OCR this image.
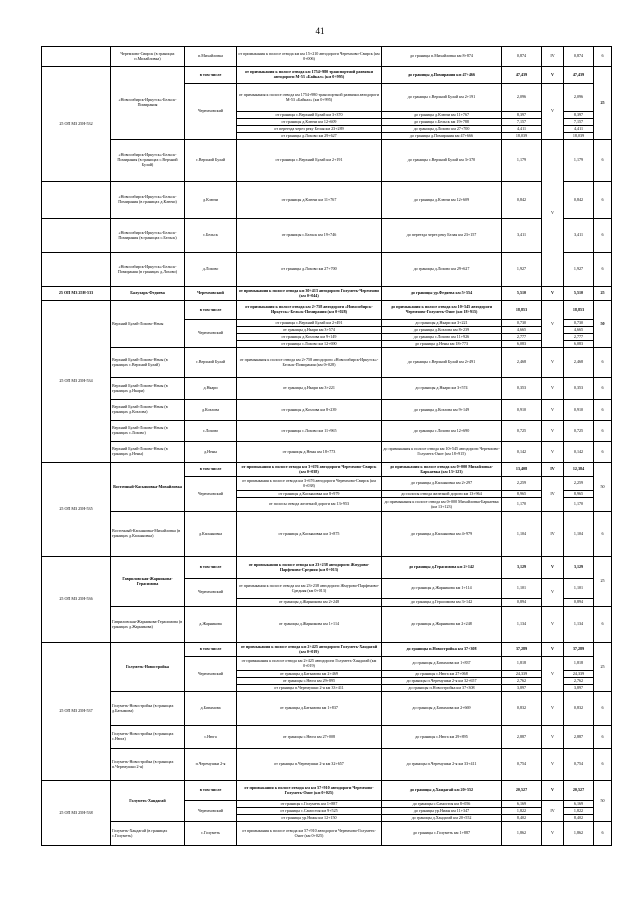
41
	Черемхово-Свирск (в границах п.Михайловка)	п.Михайловка	от примыкания к полосе отвода км км 15+210 автодороги Черемхово-Свирск (км 0+006)	до границы п.Михайловка км 8+874	0,874	IV	0,874	6
25 ОП МЗ 25Н-532	«Новосибирск-Иркутск»-Бельск-Помирания	в том числе	от примыкания к полосе отвода км 1754+980 транспортной развязки автодороги М-53 «Байкал» (км 0+995)	до границы д.Помирания км 47+466	47,439	V	47,439	25
		Черемховский	от примыкания к полосе отвода км 1754+980 транспортной развязки автодороги М-53 «Байкал» (км 0+995)	до границы с.Верхний Булай км 2+191	2,096	V	2,096	
			от границы с.Верхний Булай км 3+370	до границы д.Ключи км 11+767	8,397		8,397	
			от границы д.Ключи км 12+609	до границы с.Бельск км 19+788	7,157		7,157	
			от переезда через реку Белая км 23+289	до границы д.Лохово км 27+700	4,411		4,411	
			от границы д.Лохово км 29+627	до границы д.Помирания км 47+666	18,039		18,039	
	«Новосибирск-Иркутск»-Бельск-Помирания (в границах с.Верхний Булай)	с.Верхний Булай	от границы с.Верхний Булай км 2+191	до границы с.Верхний Булай км 3+370	1,179	V	1,179	6
	«Новосибирск-Иркутск»-Бельск-Помирания (в границах д.Ключи)	д.Ключи	от границы д.Ключи км 11+767	до границы д.Ключи км 12+609	0,842		0,842	6
	«Новосибирск-Иркутск»-Бельск-Помирания (в границах с.Бельск)	с.Бельск	от границы с.Бельск км 19+746	до переезда через реку Белая км 23+157	3,411		3,411	6
	«Новосибирск-Иркутск»-Бельск-Помирания (в границах д.Лохово)	д.Лохово	от границы д.Лохово км 27+700	до границы д.Лохово км 29+627	1,927		1,927	6
25 ОП МЗ 25Н-533	Балухарь-Федяева	Черемховский	от примыкания к полосе отвода км 30+413 автодороги Голуметь-Черемхово (км 0+044)	до границы ур.Федяева км 5+554	5,510	V	5,510	25
25 ОП МЗ 25Н-534	Верхний Булай-Лохово-Нены	в том числе	от примыкания к полосе отвода км 2+758 автодороги «Новосибирск-Иркутск»-Бельск-Помирания (км 0+028)	до примыкания к полосе отвода км 10+545 автодороги Черемхово-Голуметь-Онот (км 18+915)	18,853	V	18,853	50
		Черемховский	от границы с.Верхний Булай км 2+491	до границы д.Нкари км 3+221	0,730		0,730	
			от границы д.Нкари км 3+574	до границы д.Козлова км 8+239	4,665		4,665	
			от границы д.Козлова км 9+149	до границы с.Лохово км 11+926	2,777		2,777	
			от границы с.Лохово км 12+690	до границы д.Нены км 18+773	6,083		6,083	
	Верхний Булай-Лохово-Нены (в границах с.Верхний Булай)	с.Верхний Булай	от примыкания к полосе отвода км 2+758 автодороги «Новосибирск-Иркутск»-Бельск-Помирания (км 0+028)	до границы с.Верхний Булай км 2+491	2,468	V	2,468	6
	Верхний Булай-Лохово-Нены (в границах д.Нкари)	д.Нкари	от границы д.Нкари км 3+221	до границы д.Нкари км 3+574	0,353	V	0,353	6
	Верхний Булай-Лохово-Нены (в границах д.Козлова)	д.Козлова	от границы д.Козлова км 8+239	до границы д.Козлова км 9+149	0,910	V	0,910	6
	Верхний Булай-Лохово-Нены (в границах с.Лохово)	с.Лохово	от границы с.Лохово км 11+965	до границы с.Лохово км 12+690	0,725	V	0,725	6
	Верхний Булай-Лохово-Нены (в границах д.Нены)	д.Нены	от границы д.Нены км 18+773	до примыкания к полосе отвода км 10+545 автодороги Черемхово-Голуметь-Онот (км 18+915)	0,142	V	0,142	6
25 ОП МЗ 25Н-535	Восточный-Касьяновка-Михайловка	в том числе	от примыкания к полосе отвода км 3+676 автодороги Черемхово-Свирск (км 0+038)	до примыкания к полосе отвода км 0+000 Михайловка-Баркаевка (км 13+123)	13,408	IV	12,384	50
		Черемховский	от примыкания к полосе отвода км 3+676 автодороги Черемхово-Свирск (км 0+038)	до границы д.Касьяновка км 2+297	2,259	IV	2,259	
			от границы д.Касьяновка км 8+979	до полосы отвода железной дороги км 13+964	8,965		8,965	
			от полосы отвода железной дороги км 13+953	до примыкания к полосе отвода км 0+000 Михайловка-Баркаевка (км 13+123)	1,170		1,170	
	Восточный-Касьяновка-Михайловка (в границах д.Касьяновка)	д.Касьяновка	от границы д.Касьяновка км 3+875	до границы д.Касьяновка км 4+979	1,104	IV	1,104	6
25 ОП МЗ 25Н-536	Гавриловская-Жарникова-Герасимова	в том числе	от примыкания к полосе отвода км 23+238 автодороги Жмурово-Парфеново-Средняя (км 0+013)	до границы д.Герасимова км 2+142	3,129	V	3,129	25
		Черемховский	от примыкания к полосе отвода км км 23+238 автодороги Жмурово-Парфеново-Средняя (км 0+013)	до границы д.Жарникова км 1+114	1,101	V	1,101	
			от границы д.Жарникова км 2+248	до границы д.Герасимова км 3+142	0,894		0,894	
	Гавриловская-Жарникова-Герасимова (в границах д.Жарникова)	д.Жарникова	от границы д.Жарникова км 1+114	до границы д.Жарникова км 2+248	1,134	V	1,134	6
25 ОП МЗ 25Н-537	Голуметь-Новостройка	в том числе	от примыкания к полосе отвода км 2+425 автодороги Голуметь-Хандагай (км 0+019)	до границы п.Новостройка км 37+308	37,289	V	37,289	25
		Черемховский	от примыкания к полосе отвода км 2+425 автодороги Голуметь-Хандагай (км 0+019)	до границы д.Батымова км 1+837	1,818	V	1,818	
			от границы д.Батымова км 2+469	до границы с.Нюга км 27+068	24,339		24,339	
			от границы с.Нюга км 29+895	до границы п.Черемушки 2-я км 32+657	2,762		2,762	
			от границы п.Черемушки 2-я км 33+411	до границы п.Новостройка км 37+308	3,897		3,897	
	Голуметь-Новостройка (в границах д.Батымова)	д.Батымова	от границы д.Батымова км 1+837	до границы д.Батымова км 2+669	0,832	V	0,832	6
	Голуметь-Новостройка (в границах с.Нюга)	с.Нюга	от границы с.Нюга км 27+008	до границы с.Нюга км 29+895	2,887	V	2,887	6
	Голуметь-Новостройка (в границах п.Черемушки 2-я)	п.Черемушки 2-я	от границы п.Черемушки 2-я км 32+657	до границы п.Черемушки 2-я км 33+411	0,754	V	0,754	6
25 ОП МЗ 25Н-538	Голуметь-Хандагай	в том числе	от примыкания к полосе отвода км км 57+910 автодороги Черемхово-Голуметь-Онот (км 0+025)	до границы д.Хандагай км 20+552	20,527	V	20,527	50
		Черемховский	от границы с.Голуметь км 1+887	до границы с.Самостоя км 8+056	6,169	IV	6,169	
			от границы с.Самостоя км 9+525	до границы ур.Нижн км 11+347	1,822		1,822	
			от границы ур.Нижн км 12+150	до границы д.Хандагай км 20+552	8,402		8,402	
	Голуметь-Хандагай (в границах с.Голуметь)	с.Голуметь	от примыкания к полосе отвода км 57+910 автодороги Черемхово-Голуметь-Онот (км 0+025)	до границы с.Голуметь км 1+887	1,862	V	1,862	6
